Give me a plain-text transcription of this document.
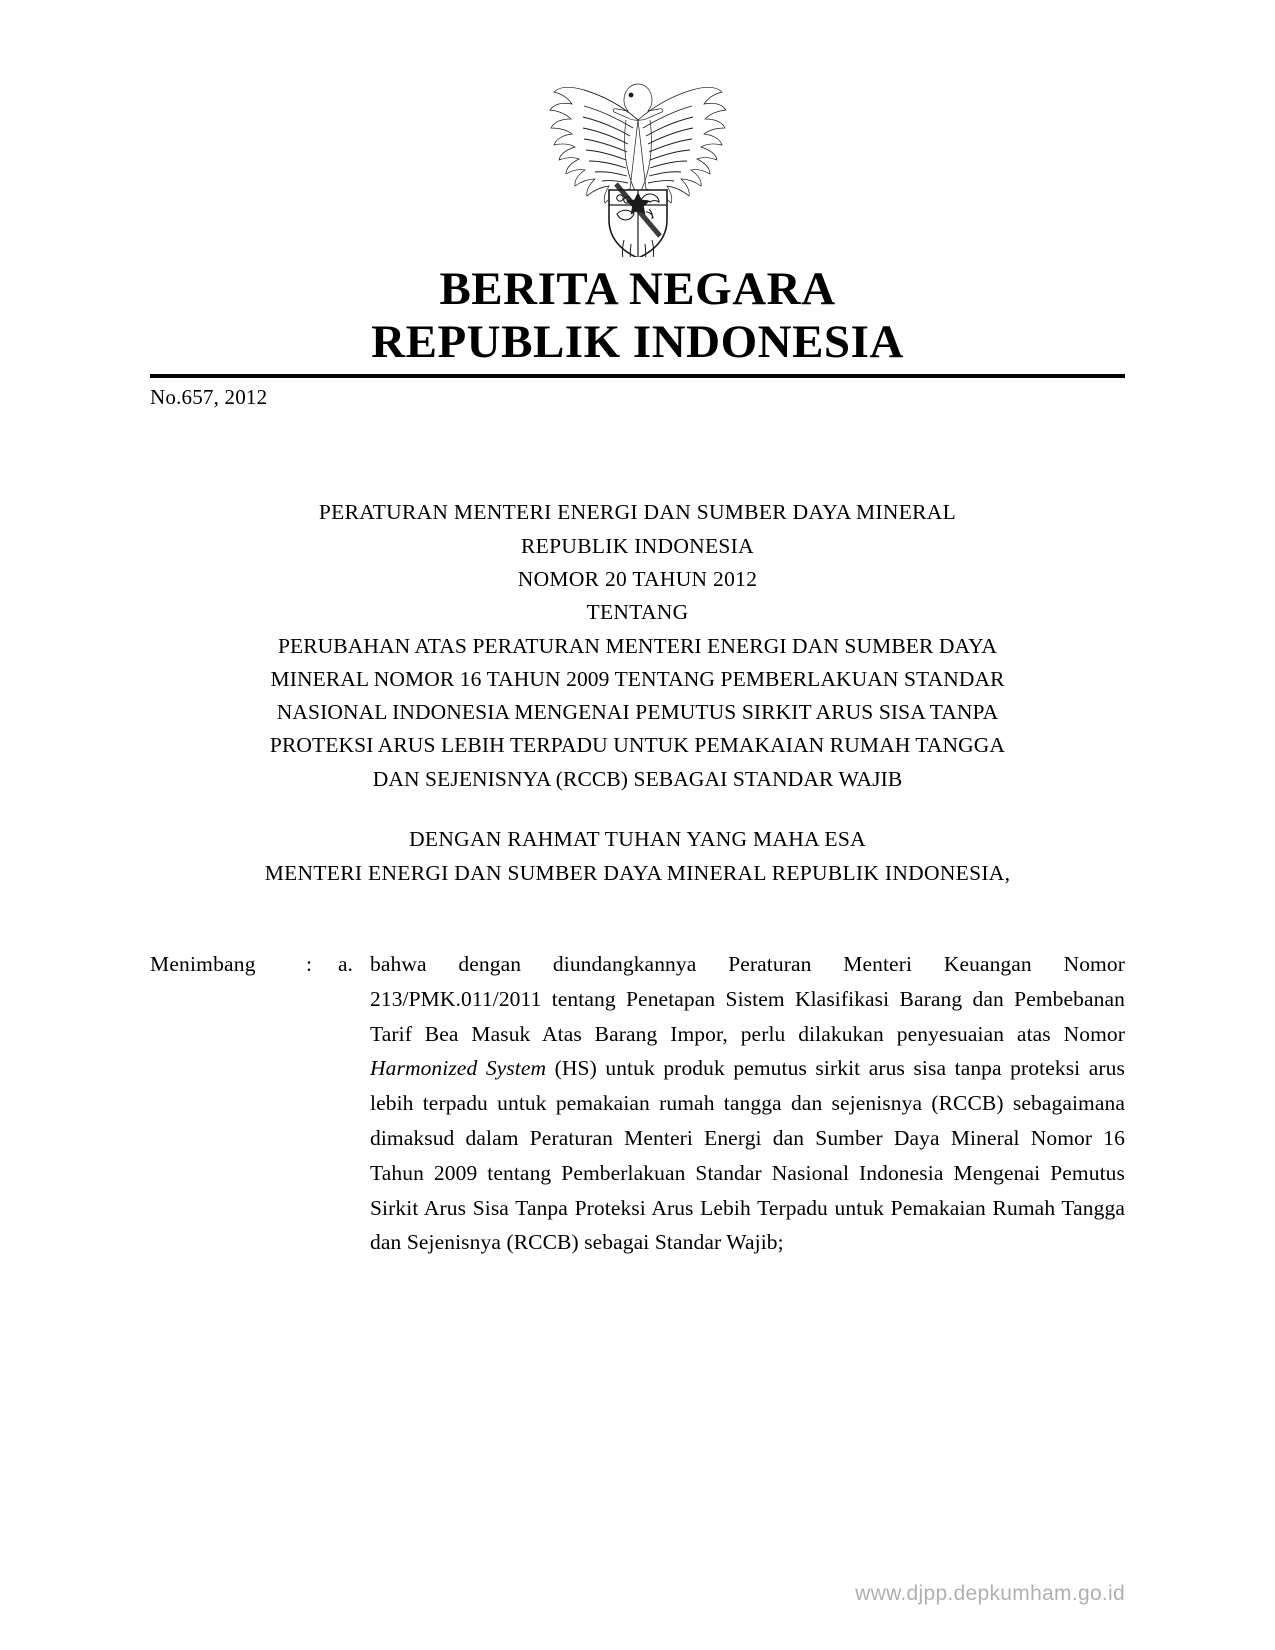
BERITA NEGARA
REPUBLIK INDONESIA
No.657, 2012
PERATURAN MENTERI ENERGI DAN SUMBER DAYA MINERAL
REPUBLIK INDONESIA
NOMOR 20 TAHUN 2012
TENTANG
PERUBAHAN ATAS PERATURAN MENTERI ENERGI DAN SUMBER DAYA
MINERAL NOMOR 16 TAHUN 2009 TENTANG PEMBERLAKUAN STANDAR
NASIONAL INDONESIA MENGENAI PEMUTUS SIRKIT ARUS SISA TANPA
PROTEKSI ARUS LEBIH TERPADU UNTUK PEMAKAIAN RUMAH TANGGA
DAN SEJENISNYA (RCCB) SEBAGAI STANDAR WAJIB
DENGAN RAHMAT TUHAN YANG MAHA ESA
MENTERI ENERGI DAN SUMBER DAYA MINERAL REPUBLIK INDONESIA,
Menimbang	:	a. bahwa dengan diundangkannya Peraturan Menteri Keuangan Nomor 213/PMK.011/2011 tentang Penetapan Sistem Klasifikasi Barang dan Pembebanan Tarif Bea Masuk Atas Barang Impor, perlu dilakukan penyesuaian atas Nomor Harmonized System (HS) untuk produk pemutus sirkit arus sisa tanpa proteksi arus lebih terpadu untuk pemakaian rumah tangga dan sejenisnya (RCCB) sebagaimana dimaksud dalam Peraturan Menteri Energi dan Sumber Daya Mineral Nomor 16 Tahun 2009 tentang Pemberlakuan Standar Nasional Indonesia Mengenai Pemutus Sirkit Arus Sisa Tanpa Proteksi Arus Lebih Terpadu untuk Pemakaian Rumah Tangga dan Sejenisnya (RCCB) sebagai Standar Wajib;
www.djpp.depkumham.go.id
